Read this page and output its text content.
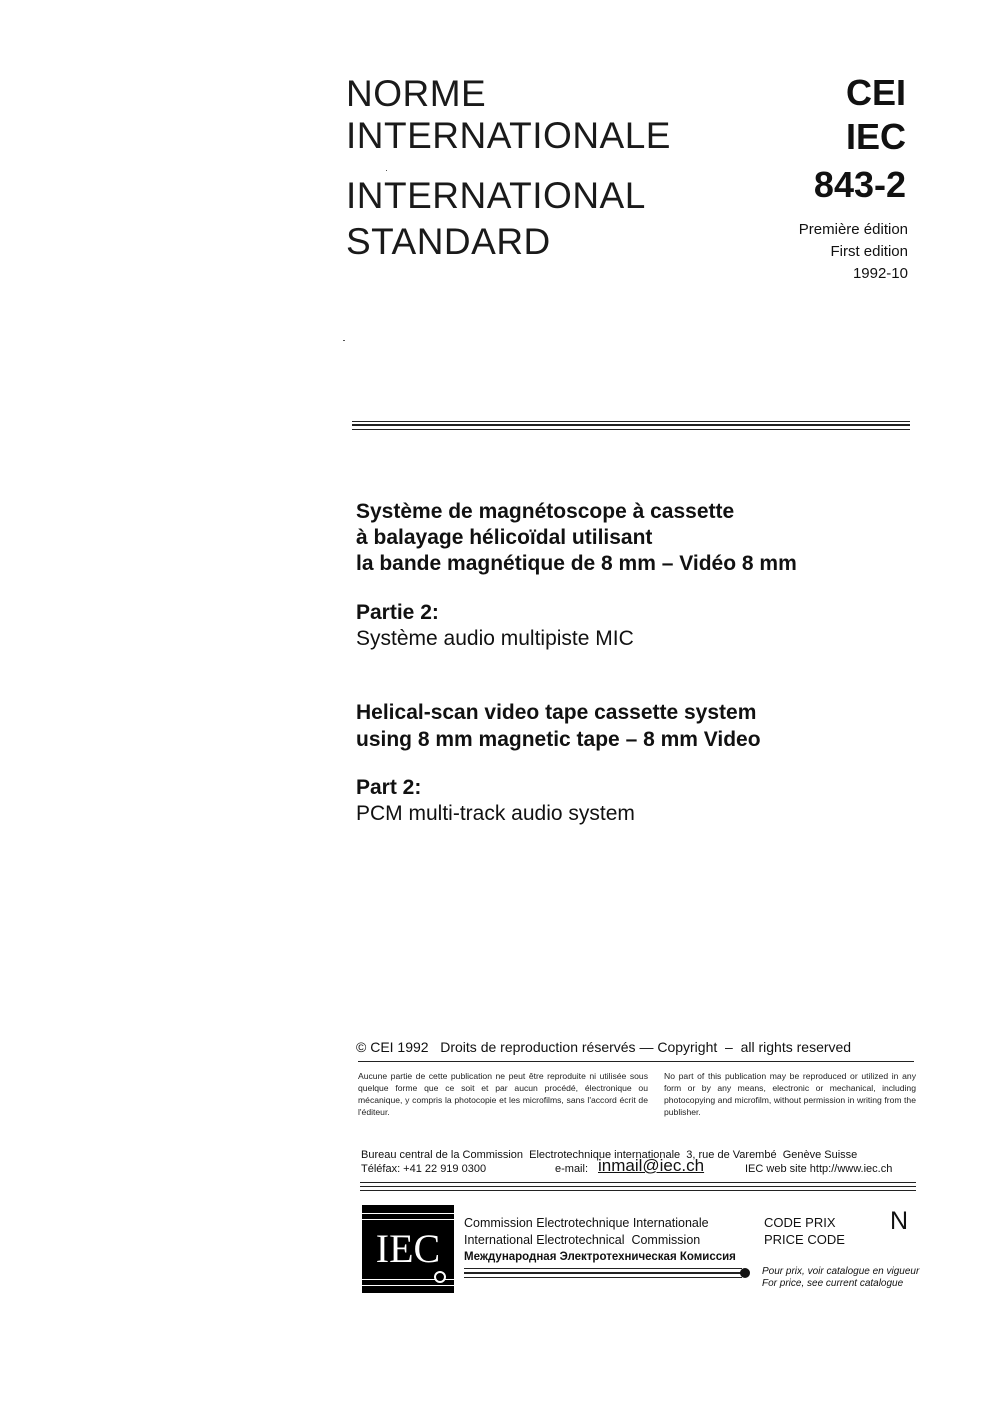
NORME
INTERNATIONALE
INTERNATIONAL
STANDARD
CEI
IEC
843-2
Première édition
First edition
1992-10
Système de magnétoscope à cassette
à balayage hélicoïdal utilisant
la bande magnétique de 8 mm – Vidéo 8 mm
Partie 2:
Système audio multipiste MIC
Helical-scan video tape cassette system
using 8 mm magnetic tape – 8 mm Video
Part 2:
PCM multi-track audio system
© CEI 1992   Droits de reproduction réservés — Copyright  –  all rights reserved
Aucune partie de cette publication ne peut être reproduite ni utilisée sous quelque forme que ce soit et par aucun procédé, électronique ou mécanique, y compris la photocopie et les microfilms, sans l'accord écrit de l'éditeur.
No part of this publication may be reproduced or utilized in any form or by any means, electronic or mechanical, including photocopying and microfilm, without permission in writing from the publisher.
Bureau central de la Commission  Electrotechnique internationale  3, rue de Varembé  Genève Suisse
Téléfax: +41 22 919 0300	e-mail: inmail@iec.ch	IEC web site http://www.iec.ch
IEC
Commission Electrotechnique Internationale
International Electrotechnical  Commission
Международная Электротехническая Комиссия
CODE PRIX
PRICE CODE
N
Pour prix, voir catalogue en vigueur
For price, see current catalogue
